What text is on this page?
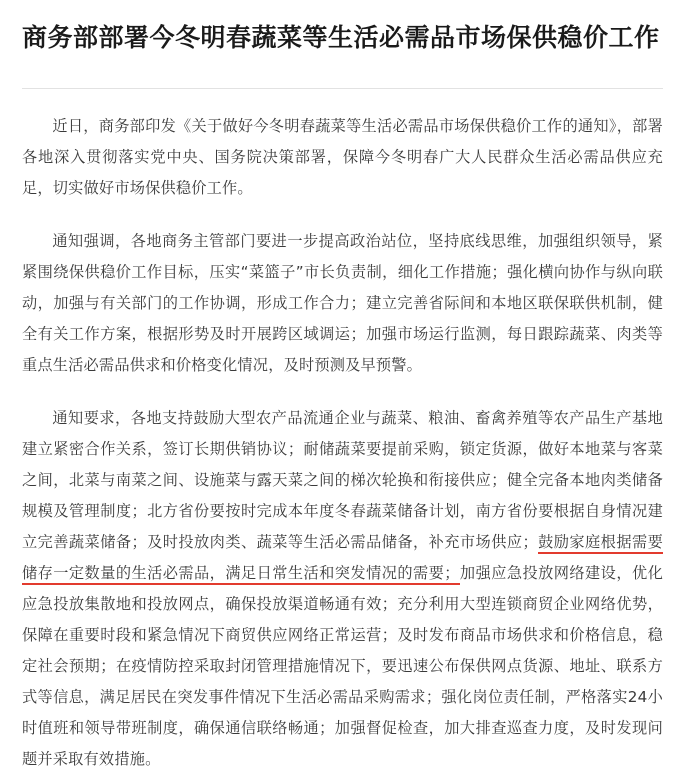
商务部部署今冬明春蔬菜等生活必需品市场保供稳价工作

近日，商务部印发《关于做好今冬明春蔬菜等生活必需品市场保供稳价工作的通知》，部署各地深入贯彻落实党中央、国务院决策部署，保障今冬明春广大人民群众生活必需品供应充足，切实做好市场保供稳价工作。

通知强调，各地商务主管部门要进一步提高政治站位，坚持底线思维，加强组织领导，紧紧围绕保供稳价工作目标，压实“菜篮子”市长负责制，细化工作措施；强化横向协作与纵向联动，加强与有关部门的工作协调，形成工作合力；建立完善省际间和本地区联保联供机制，健全有关工作方案，根据形势及时开展跨区域调运；加强市场运行监测，每日跟踪蔬菜、肉类等重点生活必需品供求和价格变化情况，及时预测及早预警。

通知要求，各地支持鼓励大型农产品流通企业与蔬菜、粮油、畜禽养殖等农产品生产基地建立紧密合作关系，签订长期供销协议；耐储蔬菜要提前采购，锁定货源，做好本地菜与客菜之间，北菜与南菜之间、设施菜与露天菜之间的梯次轮换和衔接供应；健全完备本地肉类储备规模及管理制度；北方省份要按时完成本年度冬春蔬菜储备计划，南方省份要根据自身情况建立完善蔬菜储备；及时投放肉类、蔬菜等生活必需品储备，补充市场供应；鼓励家庭根据需要储存一定数量的生活必需品，满足日常生活和突发情况的需要；加强应急投放网络建设，优化应急投放集散地和投放网点，确保投放渠道畅通有效；充分利用大型连锁商贸企业网络优势，保障在重要时段和紧急情况下商贸供应网络正常运营；及时发布商品市场供求和价格信息，稳定社会预期；在疫情防控采取封闭管理措施情况下，要迅速公布保供网点货源、地址、联系方式等信息，满足居民在突发事件情况下生活必需品采购需求；强化岗位责任制，严格落实24小时值班和领导带班制度，确保通信联络畅通；加强督促检查，加大排查巡查力度，及时发现问题并采取有效措施。
